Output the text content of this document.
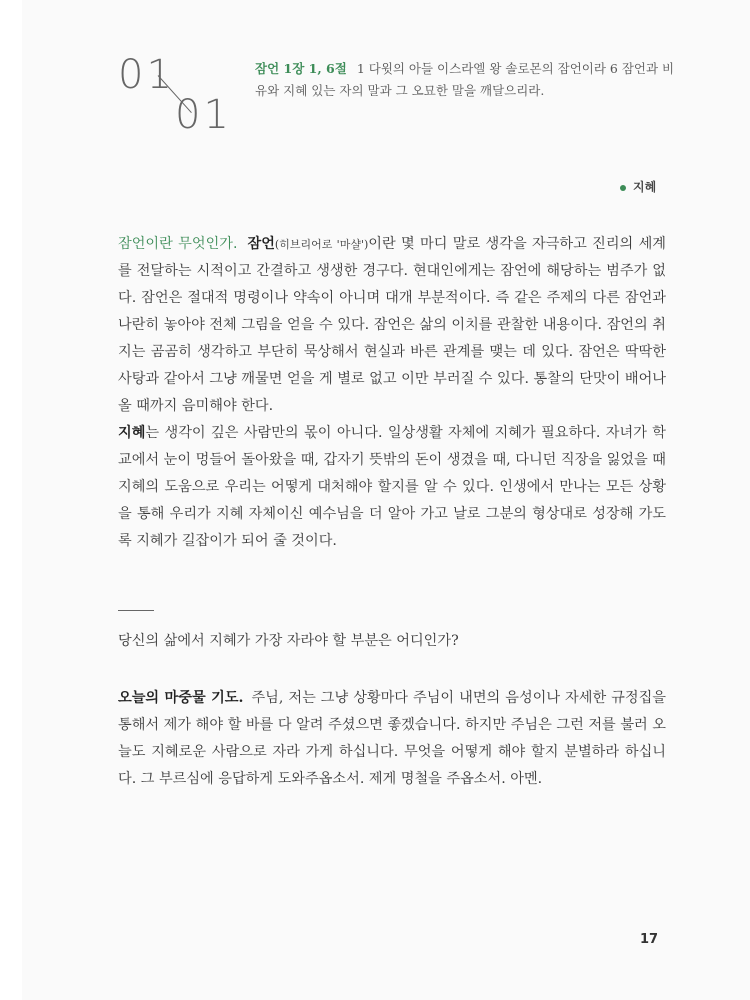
01
01
잠언 1장 1, 6절 1 다윗의 아들 이스라엘 왕 솔로몬의 잠언이라 6 잠언과 비유와 지혜 있는 자의 말과 그 오묘한 말을 깨달으리라.
지혜
잠언이란 무엇인가. 잠언(히브리어로 '마샬')이란 몇 마디 말로 생각을 자극하고 진리의 세계를 전달하는 시적이고 간결하고 생생한 경구다. 현대인에게는 잠언에 해당하는 범주가 없다. 잠언은 절대적 명령이나 약속이 아니며 대개 부분적이다. 즉 같은 주제의 다른 잠언과 나란히 놓아야 전체 그림을 얻을 수 있다. 잠언은 삶의 이치를 관찰한 내용이다. 잠언의 취지는 곰곰히 생각하고 부단히 묵상해서 현실과 바른 관계를 맺는 데 있다. 잠언은 딱딱한 사탕과 같아서 그냥 깨물면 얻을 게 별로 없고 이만 부러질 수 있다. 통찰의 단맛이 배어나올 때까지 음미해야 한다.
지혜는 생각이 깊은 사람만의 몫이 아니다. 일상생활 자체에 지혜가 필요하다. 자녀가 학교에서 눈이 멍들어 돌아왔을 때, 갑자기 뜻밖의 돈이 생겼을 때, 다니던 직장을 잃었을 때 지혜의 도움으로 우리는 어떻게 대처해야 할지를 알 수 있다. 인생에서 만나는 모든 상황을 통해 우리가 지혜 자체이신 예수님을 더 알아 가고 날로 그분의 형상대로 성장해 가도록 지혜가 길잡이가 되어 줄 것이다.
당신의 삶에서 지혜가 가장 자라야 할 부분은 어디인가?
오늘의 마중물 기도. 주님, 저는 그냥 상황마다 주님이 내면의 음성이나 자세한 규정집을 통해서 제가 해야 할 바를 다 알려 주셨으면 좋겠습니다. 하지만 주님은 그런 저를 불러 오늘도 지혜로운 사람으로 자라 가게 하십니다. 무엇을 어떻게 해야 할지 분별하라 하십니다. 그 부르심에 응답하게 도와주옵소서. 제게 명철을 주옵소서. 아멘.
17
